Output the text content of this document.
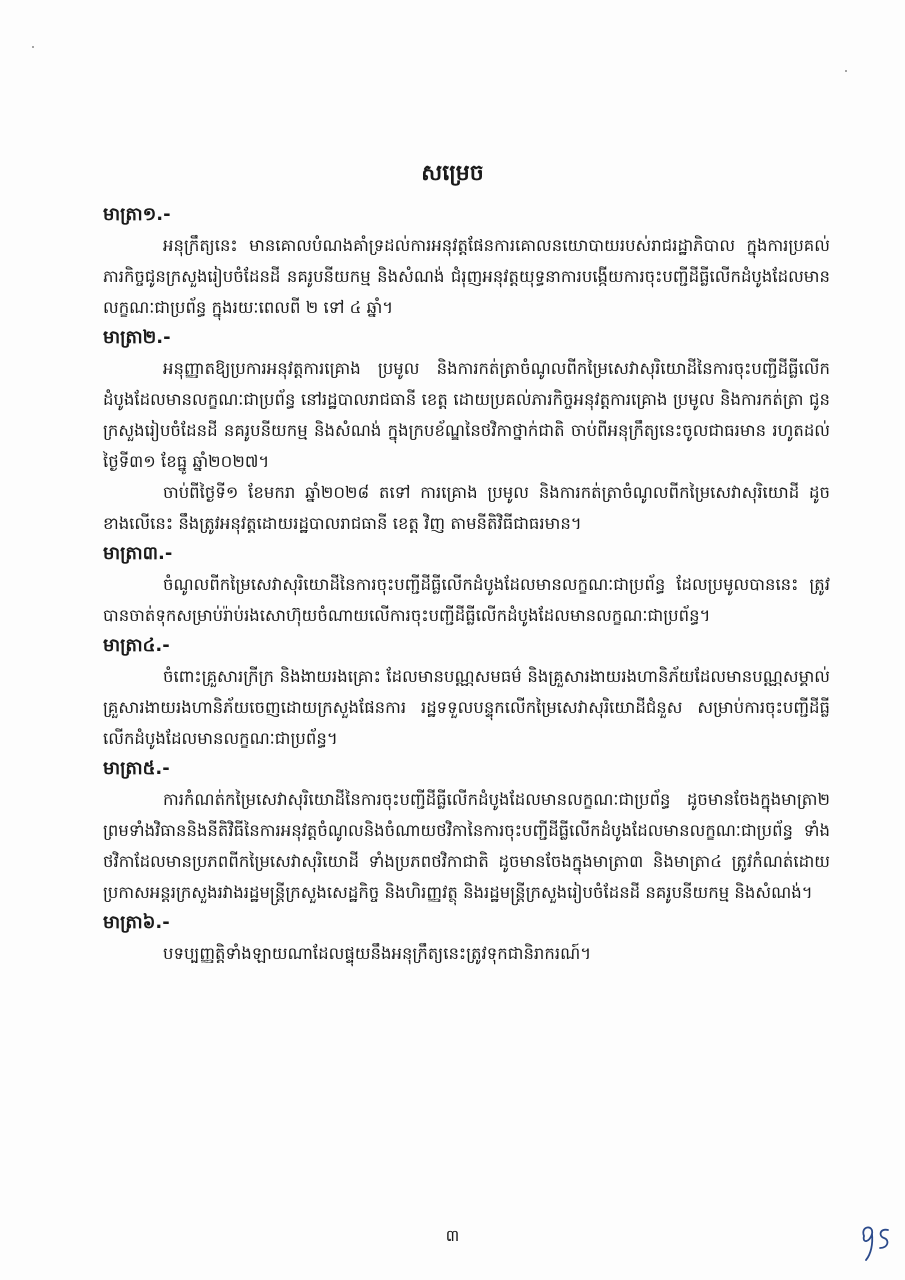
សម្រេច

មាត្រា១.-

អនុក្រឹត្យនេះ មានគោលបំណងគាំទ្រដល់ការអនុវត្តផែនការគោលនយោបាយរបស់រាជរដ្ឋាភិបាល ក្នុងការប្រគល់ភារកិច្ចជូនក្រសួងរៀបចំដែនដី នគរូបនីយកម្ម និងសំណង់ ជំរុញអនុវត្តយុទ្ធនាការបង្កើយការចុះបញ្ជីដីធ្លីលើកដំបូងដែលមានលក្ខណៈជាប្រព័ន្ធ ក្នុងរយៈពេលពី ២ ទៅ ៤ ឆ្នាំ។

មាត្រា២.-

អនុញ្ញាតឱ្យប្រការអនុវត្តការគ្រោង ប្រមូល និងការកត់ត្រាចំណូលពីកម្រៃសេវាសុរិយោដីនៃការចុះបញ្ជីដីធ្លីលើកដំបូងដែលមានលក្ខណៈជាប្រព័ន្ធ នៅរដ្ឋបាលរាជធានី ខេត្ត ដោយប្រគល់ភារកិច្ចអនុវត្តការគ្រោង ប្រមូល និងការកត់ត្រា ជូនក្រសួងរៀបចំដែនដី នគរូបនីយកម្ម និងសំណង់ ក្នុងក្របខ័ណ្ឌនៃថវិកាថ្នាក់ជាតិ ចាប់ពីអនុក្រឹត្យនេះចូលជាធរមាន រហូតដល់ថ្ងៃទី៣១ ខែធ្នូ ឆ្នាំ២០២៧។

ចាប់ពីថ្ងៃទី១ ខែមករា ឆ្នាំ២០២៨ តទៅ ការគ្រោង ប្រមូល និងការកត់ត្រាចំណូលពីកម្រៃសេវាសុរិយោដី ដូចខាងលើនេះ នឹងត្រូវអនុវត្តដោយរដ្ឋបាលរាជធានី ខេត្ត វិញ តាមនីតិវិធីជាធរមាន។

មាត្រា៣.-

ចំណូលពីកម្រៃសេវាសុរិយោដីនៃការចុះបញ្ជីដីធ្លីលើកដំបូងដែលមានលក្ខណៈជាប្រព័ន្ធ ដែលប្រមូលបាននេះ ត្រូវបានចាត់ទុកសម្រាប់រ៉ាប់រងសោហ៊ុយចំណាយលើការចុះបញ្ជីដីធ្លីលើកដំបូងដែលមានលក្ខណៈជាប្រព័ន្ធ។

មាត្រា៤.-

ចំពោះគ្រួសារក្រីក្រ និងងាយរងគ្រោះ ដែលមានបណ្ណសមធម៌ និងគ្រួសារងាយរងហានិភ័យដែលមានបណ្ណសម្គាល់គ្រួសារងាយរងហានិភ័យចេញដោយក្រសួងផែនការ រដ្ឋទទួលបន្ទុកលើកម្រៃសេវាសុរិយោដីជំនួស សម្រាប់ការចុះបញ្ជីដីធ្លីលើកដំបូងដែលមានលក្ខណៈជាប្រព័ន្ធ។

មាត្រា៥.-

ការកំណត់កម្រៃសេវាសុរិយោដីនៃការចុះបញ្ជីដីធ្លីលើកដំបូងដែលមានលក្ខណៈជាប្រព័ន្ធ ដូចមានចែងក្នុងមាត្រា២ ព្រមទាំងវិធាននិងនីតិវិធីនៃការអនុវត្តចំណូលនិងចំណាយថវិកានៃការចុះបញ្ជីដីធ្លីលើកដំបូងដែលមានលក្ខណៈជាប្រព័ន្ធ ទាំងថវិកាដែលមានប្រភពពីកម្រៃសេវាសុរិយោដី ទាំងប្រភពថវិកាជាតិ ដូចមានចែងក្នុងមាត្រា៣ និងមាត្រា៤ ត្រូវកំណត់ដោយប្រកាសអន្តរក្រសួងរវាងរដ្ឋមន្ត្រីក្រសួងសេដ្ឋកិច្ច និងហិរញ្ញវត្ថុ និងរដ្ឋមន្ត្រីក្រសួងរៀបចំដែនដី នគរូបនីយកម្ម និងសំណង់។

មាត្រា៦.-

បទប្បញ្ញត្តិទាំងឡាយណាដែលផ្ទុយនឹងអនុក្រឹត្យនេះត្រូវទុកជានិរាករណ៍។

៣
